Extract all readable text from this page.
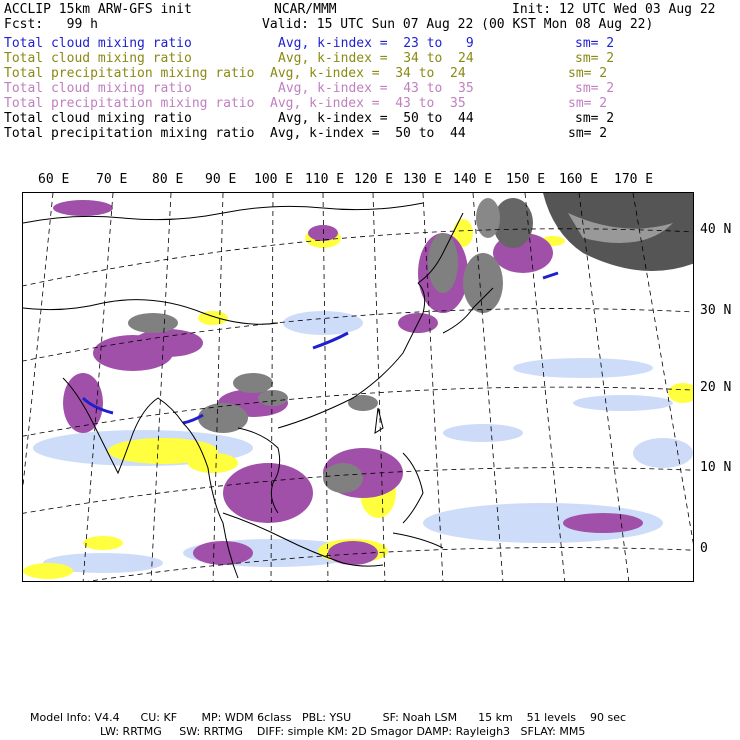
ACCLIP 15km ARW-GFS init	NCAR/MMM	Init: 12 UTC Wed 03 Aug 22
Fcst:   99 h	Valid: 15 UTC Sun 07 Aug 22 (00 KST Mon 08 Aug 22)
Total cloud mixing ratio	Avg, k-index =  23 to   9	sm= 2
Total cloud mixing ratio	Avg, k-index =  34 to  24	sm= 2
Total precipitation mixing ratio Avg, k-index =  34 to  24	sm= 2
Total cloud mixing ratio	Avg, k-index =  43 to  35	sm= 2
Total precipitation mixing ratio Avg, k-index =  43 to  35	sm= 2
Total cloud mixing ratio	Avg, k-index =  50 to  44	sm= 2
Total precipitation mixing ratio Avg, k-index =  50 to  44	sm= 2
60 E 70 E 80 E 90 E 100 E 110 E 120 E 130 E 140 E 150 E 160 E 170 E
40 N
30 N
20 N
10 N
0
Model Info: V4.4      CU: KF       MP: WDM 6class   PBL: YSU         SF: Noah LSM      15 km    51 levels    90 sec
LW: RRTMG     SW: RRTMG    DIFF: simple KM: 2D Smagor DAMP: Rayleigh3   SFLAY: MM5
